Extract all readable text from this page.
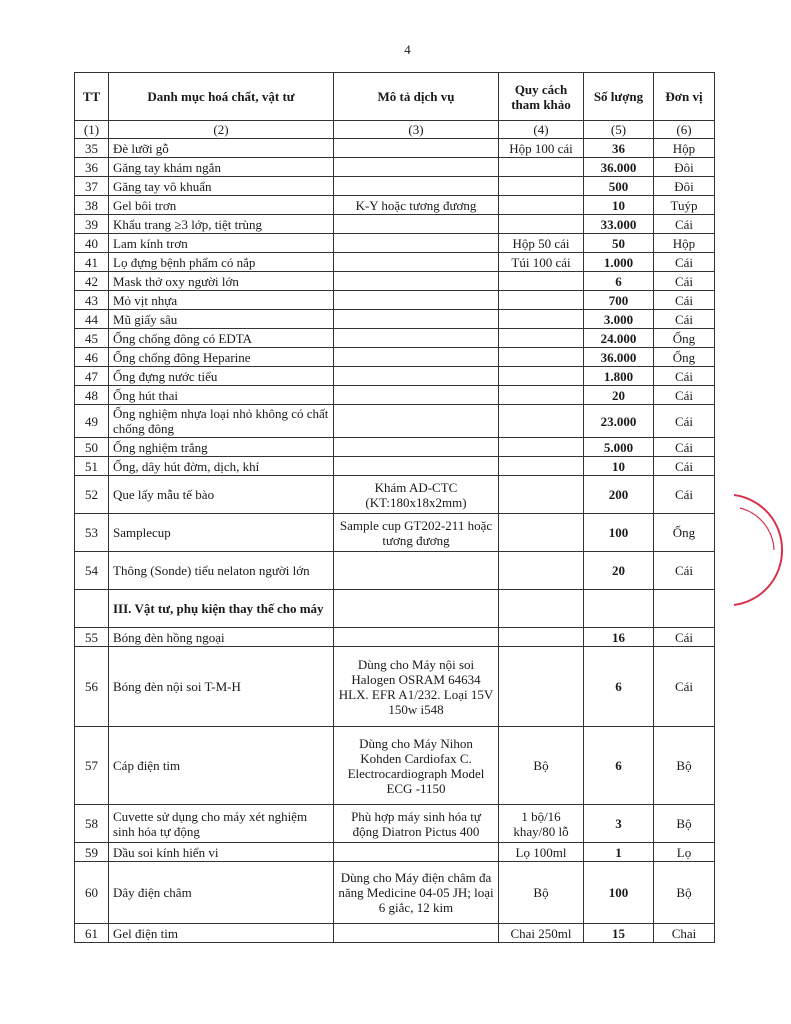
4
TT	Danh mục hoá chất, vật tư	Mô tả dịch vụ	Quy cách tham khảo	Số lượng	Đơn vị
(1)	(2)	(3)	(4)	(5)	(6)
35	Đè lưỡi gỗ		Hộp 100 cái	36	Hộp
36	Găng tay khám ngắn			36.000	Đôi
37	Găng tay vô khuẩn			500	Đôi
38	Gel bôi trơn	K-Y hoặc tương đương		10	Tuýp
39	Khẩu trang ≥3 lớp, tiệt trùng			33.000	Cái
40	Lam kính trơn		Hộp 50 cái	50	Hộp
41	Lọ đựng bệnh phẩm có nắp		Túi 100 cái	1.000	Cái
42	Mask thở oxy người lớn			6	Cái
43	Mỏ vịt nhựa			700	Cái
44	Mũ giấy sâu			3.000	Cái
45	Ống chống đông có EDTA			24.000	Ống
46	Ống chống đông Heparine			36.000	Ống
47	Ống đựng nước tiểu			1.800	Cái
48	Ống hút thai			20	Cái
49	Ống nghiệm nhựa loại nhỏ không có chất chống đông			23.000	Cái
50	Ống nghiệm trắng			5.000	Cái
51	Ống, dây hút đờm, dịch, khí			10	Cái
52	Que lấy mẫu tế bào	Khám AD-CTC (KT:180x18x2mm)		200	Cái
53	Samplecup	Sample cup GT202-211 hoặc tương đương		100	Ống
54	Thông (Sonde) tiểu nelaton người lớn			20	Cái
	III. Vật tư, phụ kiện thay thế cho máy				
55	Bóng đèn hồng ngoại			16	Cái
56	Bóng đèn nội soi T-M-H	Dùng cho Máy nội soi Halogen OSRAM 64634 HLX. EFR A1/232. Loại 15V 150w i548		6	Cái
57	Cáp điện tim	Dùng cho Máy Nihon Kohden Cardiofax C. Electrocardiograph Model ECG -1150	Bộ	6	Bộ
58	Cuvette sử dụng cho máy xét nghiệm sinh hóa tự động	Phù hợp máy sinh hóa tự động Diatron Pictus 400	1 bộ/16 khay/80 lỗ	3	Bộ
59	Dầu soi kính hiển vi		Lọ 100ml	1	Lọ
60	Dây điện châm	Dùng cho Máy điện châm đa năng Medicine 04-05 JH; loại 6 giắc, 12 kim	Bộ	100	Bộ
61	Gel điện tim		Chai 250ml	15	Chai
